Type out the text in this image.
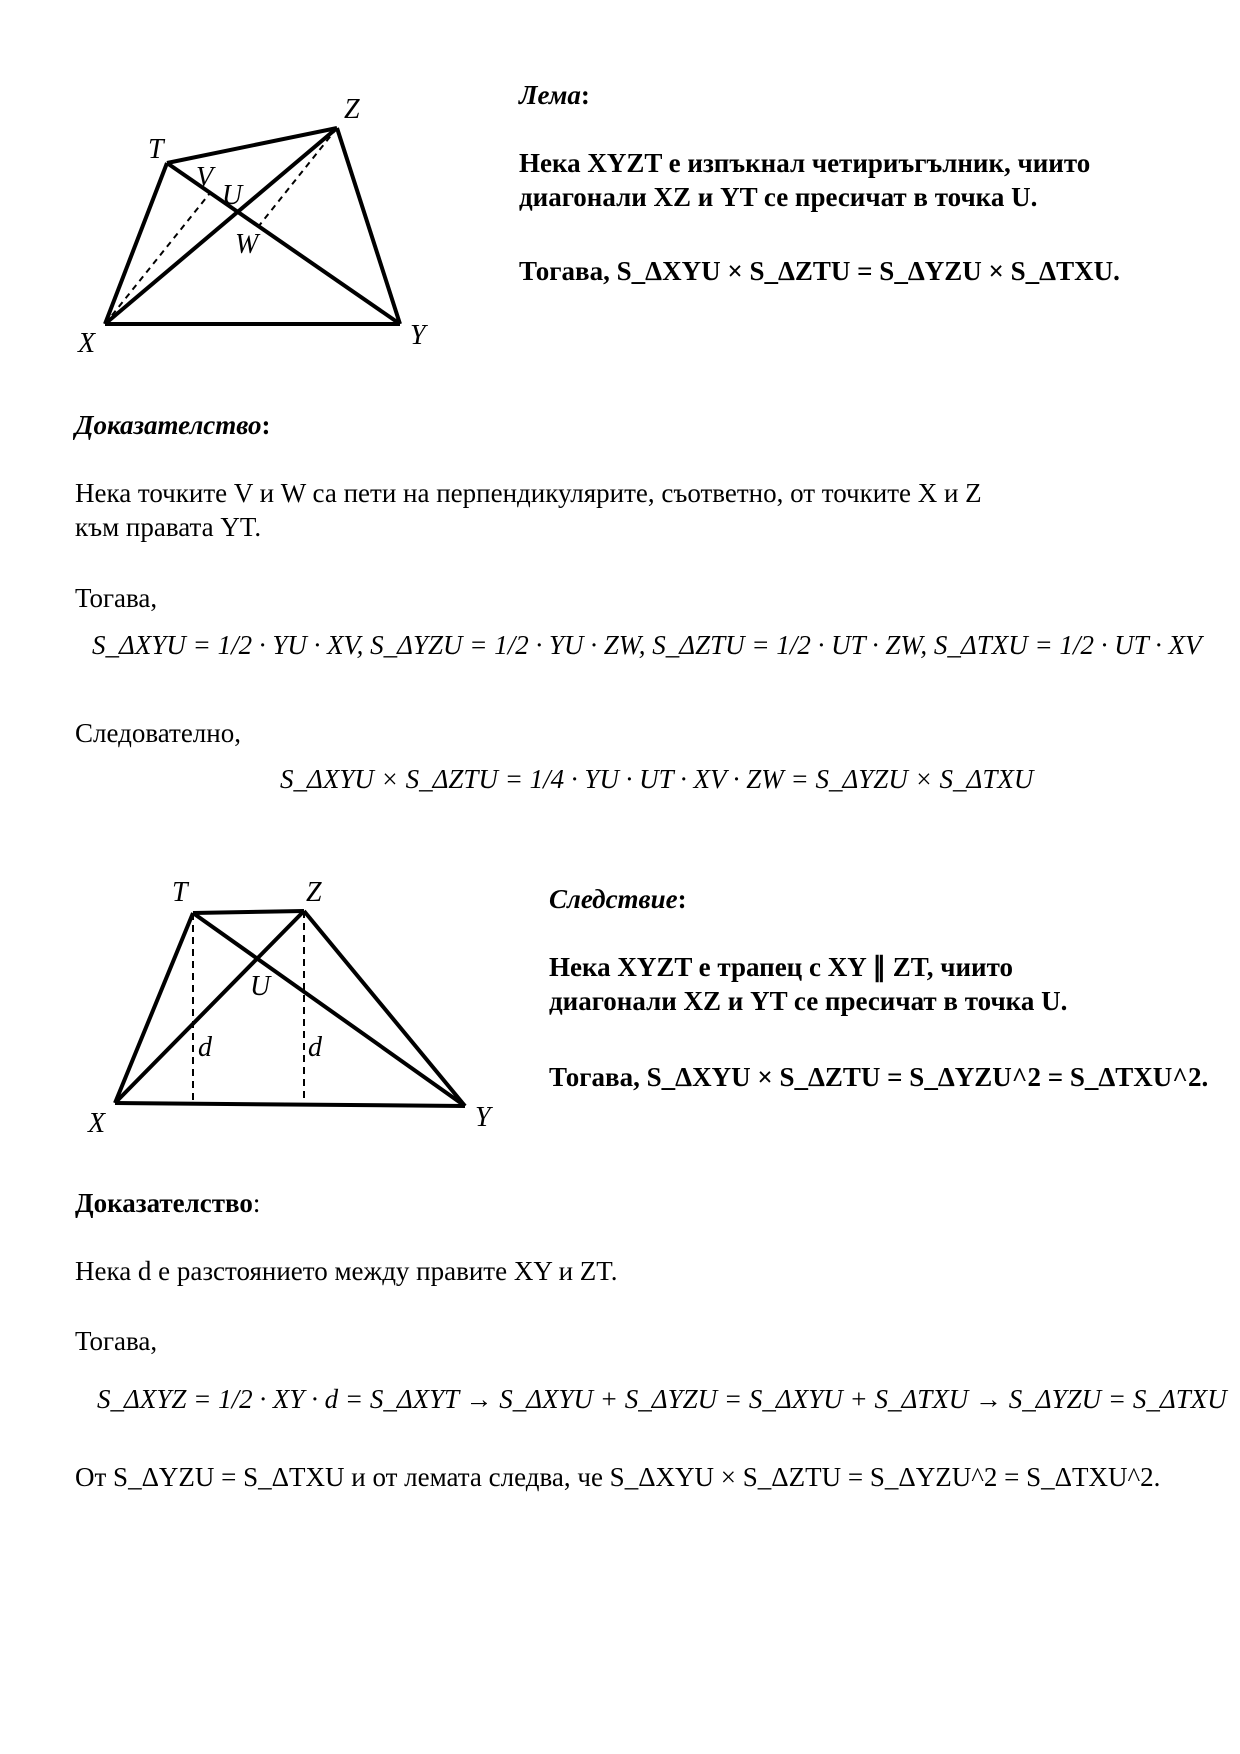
T
Z
V
U
W
X	Y
Лема:
Нека XYZT е изпъкнал четириъгълник, чиито
диагонали XZ и YT се пресичат в точка U.
Тогава, S_ΔXYU × S_ΔZTU = S_ΔYZU × S_ΔTXU.
Доказателство:
Нека точките V и W са пети на перпендикулярите, съответно, от точките X и Z
към правата YT.
Тогава,
S_ΔXYU = 1/2 · YU · XV, S_ΔYZU = 1/2 · YU · ZW, S_ΔZTU = 1/2 · UT · ZW, S_ΔTXU = 1/2 · UT · XV
Следователно,
S_ΔXYU × S_ΔZTU = 1/4 · YU · UT · XV · ZW = S_ΔYZU × S_ΔTXU
T	Z
U
d	d
X	Y
Следствие:
Нека XYZT е трапец с XY ∥ ZT, чиито
диагонали XZ и YT се пресичат в точка U.
Тогава, S_ΔXYU × S_ΔZTU = S_ΔYZU^2 = S_ΔTXU^2.
Доказателство:
Нека d е разстоянието между правите XY и ZT.
Тогава,
S_ΔXYZ = 1/2 · XY · d = S_ΔXYT → S_ΔXYU + S_ΔYZU = S_ΔXYU + S_ΔTXU → S_ΔYZU = S_ΔTXU
От S_ΔYZU = S_ΔTXU и от лемата следва, че S_ΔXYU × S_ΔZTU = S_ΔYZU^2 = S_ΔTXU^2.
